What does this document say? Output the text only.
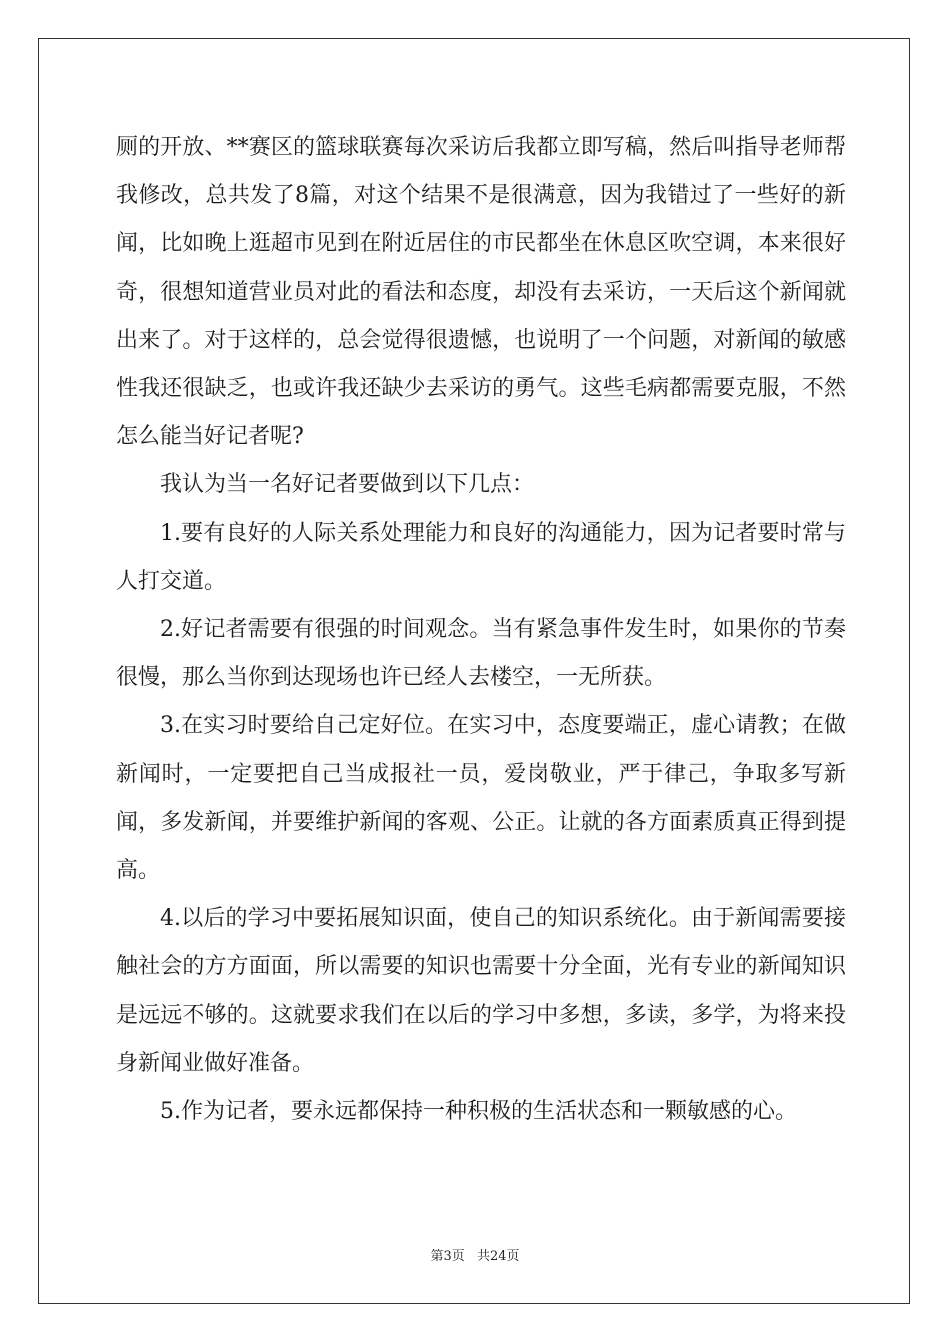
厕的开放、**赛区的篮球联赛每次采访后我都立即写稿，然后叫指导老师帮我修改，总共发了8篇，对这个结果不是很满意，因为我错过了一些好的新闻，比如晚上逛超市见到在附近居住的市民都坐在休息区吹空调，本来很好奇，很想知道营业员对此的看法和态度，却没有去采访，一天后这个新闻就出来了。对于这样的，总会觉得很遗憾，也说明了一个问题，对新闻的敏感性我还很缺乏，也或许我还缺少去采访的勇气。这些毛病都需要克服，不然怎么能当好记者呢?

我认为当一名好记者要做到以下几点：

1.要有良好的人际关系处理能力和良好的沟通能力，因为记者要时常与人打交道。

2.好记者需要有很强的时间观念。当有紧急事件发生时，如果你的节奏很慢，那么当你到达现场也许已经人去楼空，一无所获。

3.在实习时要给自己定好位。在实习中，态度要端正，虚心请教；在做新闻时，一定要把自己当成报社一员，爱岗敬业，严于律己，争取多写新闻，多发新闻，并要维护新闻的客观、公正。让就的各方面素质真正得到提高。

4.以后的学习中要拓展知识面，使自己的知识系统化。由于新闻需要接触社会的方方面面，所以需要的知识也需要十分全面，光有专业的新闻知识是远远不够的。这就要求我们在以后的学习中多想，多读，多学，为将来投身新闻业做好准备。

5.作为记者，要永远都保持一种积极的生活状态和一颗敏感的心。

第3页 共24页
